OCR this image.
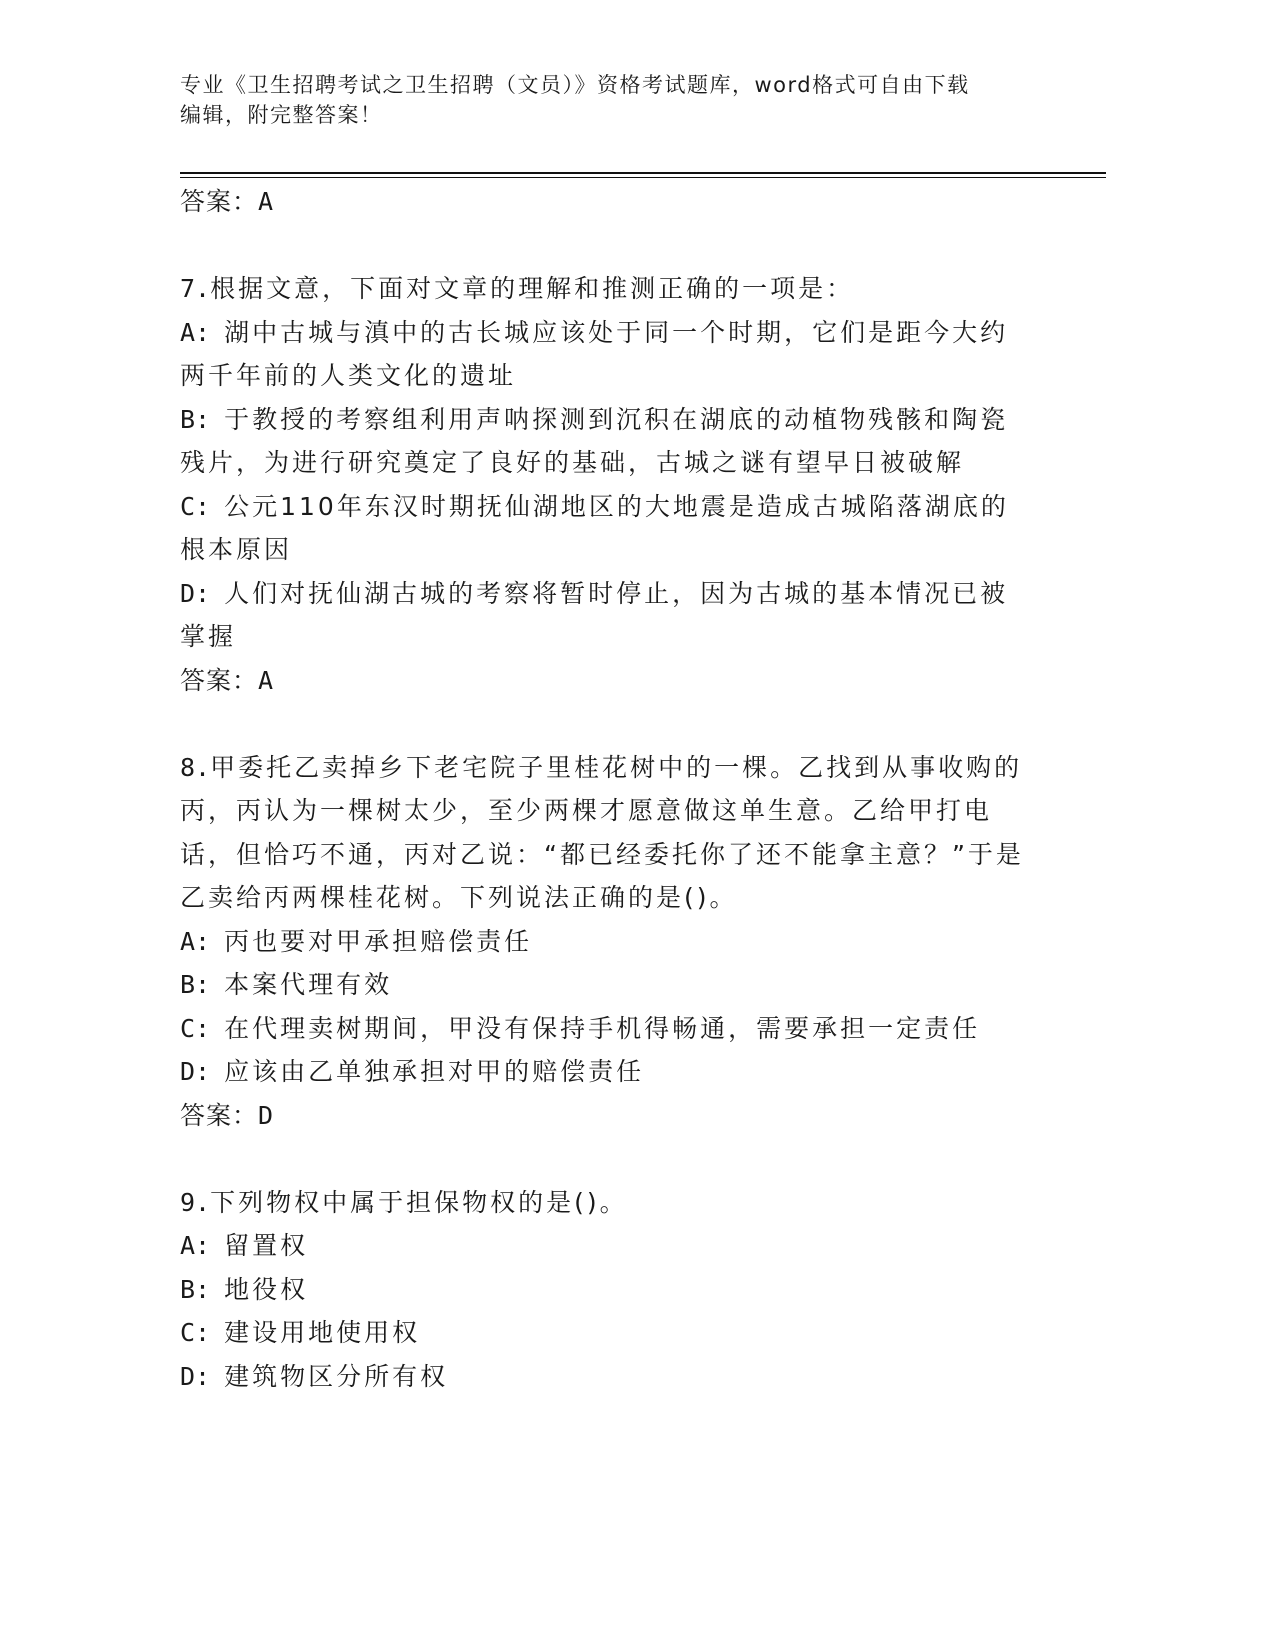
专业《卫生招聘考试之卫生招聘（文员）》资格考试题库，word格式可自由下载
编辑，附完整答案！

答案：A

7.根据文意，下面对文章的理解和推测正确的一项是：

A: 湖中古城与滇中的古长城应该处于同一个时期，它们是距今大约两千年前的人类文化的遗址

B: 于教授的考察组利用声呐探测到沉积在湖底的动植物残骸和陶瓷残片，为进行研究奠定了良好的基础，古城之谜有望早日被破解

C: 公元110年东汉时期抚仙湖地区的大地震是造成古城陷落湖底的根本原因

D: 人们对抚仙湖古城的考察将暂时停止，因为古城的基本情况已被掌握

答案：A

8.甲委托乙卖掉乡下老宅院子里桂花树中的一棵。乙找到从事收购的丙，丙认为一棵树太少，至少两棵才愿意做这单生意。乙给甲打电话，但恰巧不通，丙对乙说：“都已经委托你了还不能拿主意？”于是乙卖给丙两棵桂花树。下列说法正确的是()。

A: 丙也要对甲承担赔偿责任

B: 本案代理有效

C: 在代理卖树期间，甲没有保持手机得畅通，需要承担一定责任

D: 应该由乙单独承担对甲的赔偿责任

答案：D

9.下列物权中属于担保物权的是()。

A: 留置权

B: 地役权

C: 建设用地使用权

D: 建筑物区分所有权
